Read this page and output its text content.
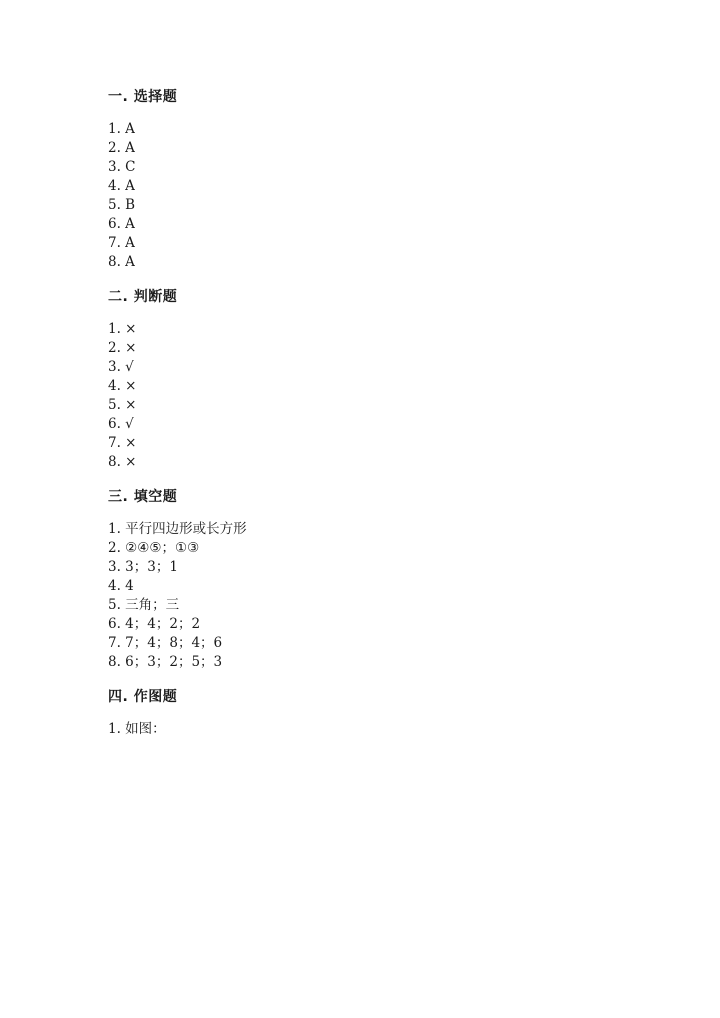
一. 选择题
1. A
2. A
3. C
4. A
5. B
6. A
7. A
8. A
二. 判断题
1. ×
2. ×
3. √
4. ×
5. ×
6. √
7. ×
8. ×
三. 填空题
1. 平行四边形或长方形
2. ②④⑤；①③
3. 3；3；1
4. 4
5. 三角；三
6. 4；4；2；2
7. 7；4；8；4；6
8. 6；3；2；5；3
四. 作图题
1. 如图：
